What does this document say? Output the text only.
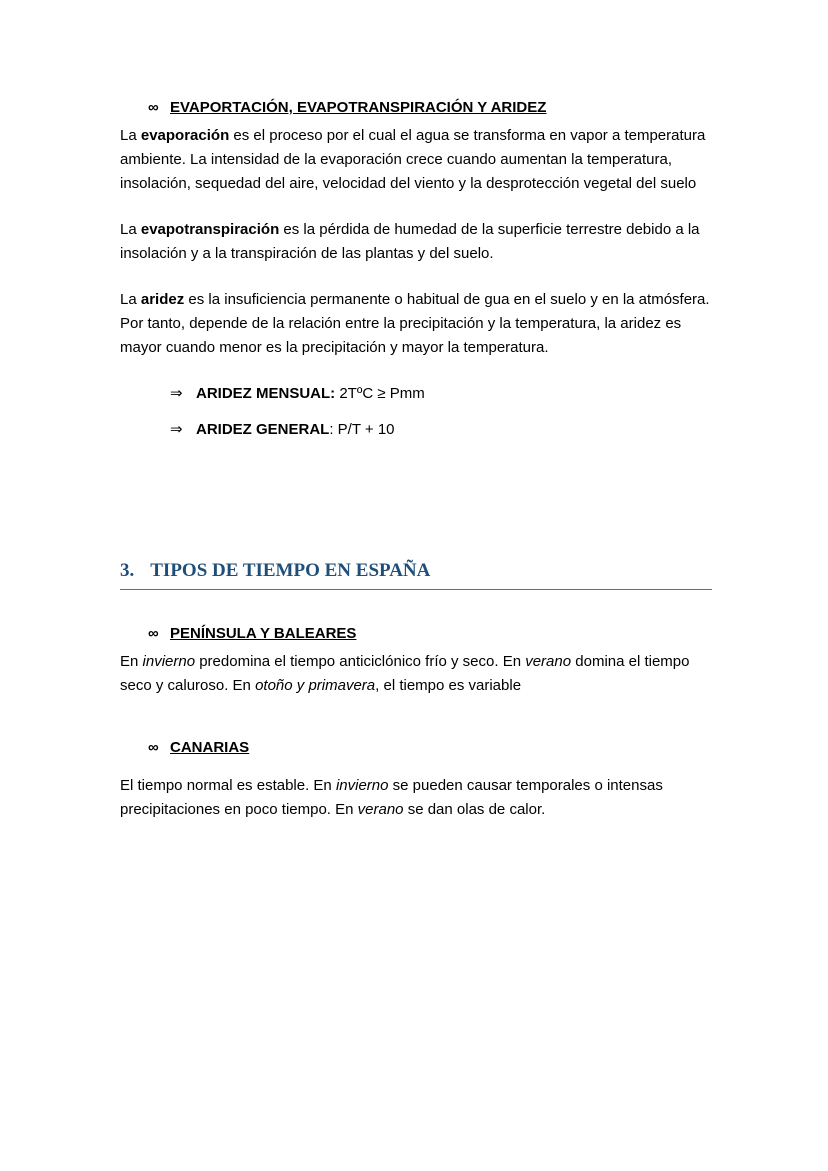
∞ EVAPORTACIÓN, EVAPOTRANSPIRACIÓN Y ARIDEZ

La evaporación es el proceso por el cual el agua se transforma en vapor a temperatura ambiente. La intensidad de la evaporación crece cuando aumentan la temperatura, insolación, sequedad del aire, velocidad del viento y la desprotección vegetal del suelo

La evapotranspiración es la pérdida de humedad de la superficie terrestre debido a la insolación y a la transpiración de las plantas y del suelo.

La aridez es la insuficiencia permanente o habitual de gua en el suelo y en la atmósfera. Por tanto, depende de la relación entre la precipitación y la temperatura, la aridez es mayor cuando menor es la precipitación y mayor la temperatura.

⇒ ARIDEZ MENSUAL: 2TºC ≥ Pmm
⇒ ARIDEZ GENERAL: P/T + 10
3. TIPOS DE TIEMPO EN ESPAÑA
∞ PENÍNSULA Y BALEARES

En invierno predomina el tiempo anticiclónico frío y seco. En verano domina el tiempo seco y caluroso. En otoño y primavera, el tiempo es variable

∞ CANARIAS

El tiempo normal es estable. En invierno se pueden causar temporales o intensas precipitaciones en poco tiempo. En verano se dan olas de calor.
